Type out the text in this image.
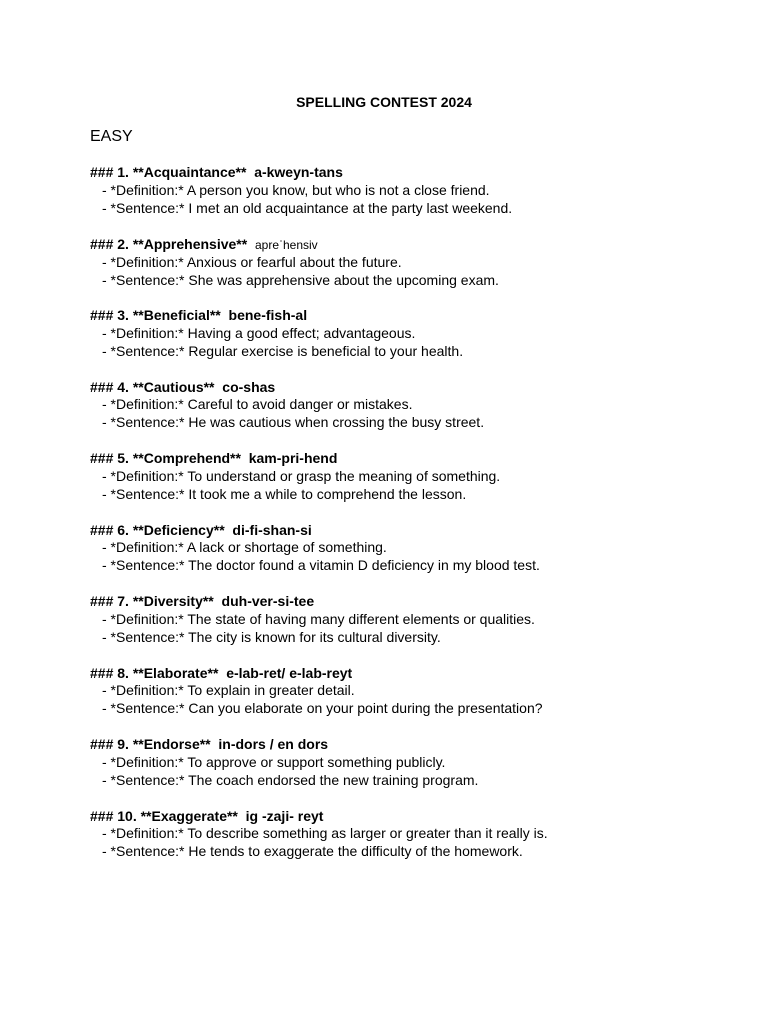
SPELLING CONTEST 2024
EASY
### 1. **Acquaintance** a-kweyn-tans
- *Definition:* A person you know, but who is not a close friend.
- *Sentence:* I met an old acquaintance at the party last weekend.
### 2. **Apprehensive** apreˈhensiv
- *Definition:* Anxious or fearful about the future.
- *Sentence:* She was apprehensive about the upcoming exam.
### 3. **Beneficial** bene-fish-al
- *Definition:* Having a good effect; advantageous.
- *Sentence:* Regular exercise is beneficial to your health.
### 4. **Cautious** co-shas
- *Definition:* Careful to avoid danger or mistakes.
- *Sentence:* He was cautious when crossing the busy street.
### 5. **Comprehend** kam-pri-hend
- *Definition:* To understand or grasp the meaning of something.
- *Sentence:* It took me a while to comprehend the lesson.
### 6. **Deficiency** di-fi-shan-si
- *Definition:* A lack or shortage of something.
- *Sentence:* The doctor found a vitamin D deficiency in my blood test.
### 7. **Diversity** duh-ver-si-tee
- *Definition:* The state of having many different elements or qualities.
- *Sentence:* The city is known for its cultural diversity.
### 8. **Elaborate** e-lab-ret/ e-lab-reyt
- *Definition:* To explain in greater detail.
- *Sentence:* Can you elaborate on your point during the presentation?
### 9. **Endorse** in-dors / en dors
- *Definition:* To approve or support something publicly.
- *Sentence:* The coach endorsed the new training program.
### 10. **Exaggerate** ig -zaji- reyt
- *Definition:* To describe something as larger or greater than it really is.
- *Sentence:* He tends to exaggerate the difficulty of the homework.
